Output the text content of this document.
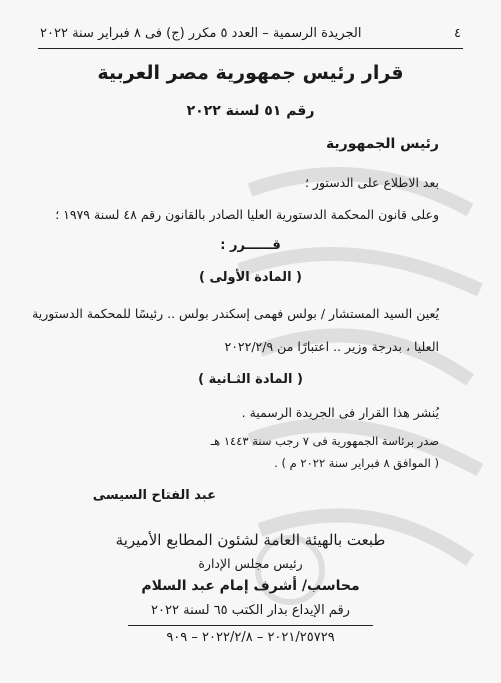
٤
الجريدة الرسمية – العدد ٥ مكرر (ج) فى ٨ فبراير سنة ٢٠٢٢
قرار رئيس جمهورية مصر العربية
رقم ٥١ لسنة ٢٠٢٢
رئيس الجمهورية
بعد الاطلاع على الدستور ؛
وعلى قانون المحكمة الدستورية العليا الصادر بالقانون رقم ٤٨ لسنة ١٩٧٩ ؛
قــــــرر :
( المادة الأولى )
يُعين السيد المستشار / بولس فهمى إسكندر بولس .. رئيسًا للمحكمة الدستورية
العليا ، بدرجة وزير .. اعتبارًا من ٢٠٢٢/٢/٩
( المادة الثـانية )
يُنشر هذا القرار فى الجريدة الرسمية .
صدر برئاسة الجمهورية فى ٧ رجب سنة ١٤٤٣ هـ
( الموافق ٨ فبراير سنة ٢٠٢٢ م ) .
عبد الفتاح السيسى
طبعت بالهيئة العامة لشئون المطابع الأميرية
رئيس مجلس الإدارة
محاسب/ أشرف إمام عبد السلام
رقم الإيداع بدار الكتب ٦٥ لسنة ٢٠٢٢
٢٠٢١/٢٥٧٢٩ – ٢٠٢٢/٢/٨ – ٩٠٩
